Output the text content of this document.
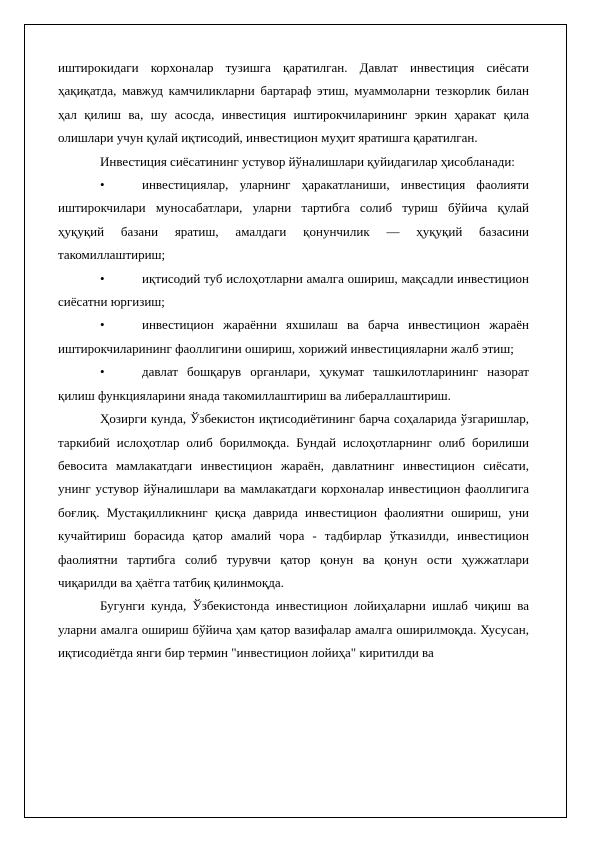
иштирокидаги корхоналар тузишга қаратилган. Давлат инвестиция сиёсати ҳақиқатда, мавжуд камчиликларни бартараф этиш, муаммоларни тезкорлик билан ҳал қилиш ва, шу асосда, инвестиция иштирокчиларининг эркин ҳаракат қила олишлари учун қулай иқтисодий, инвестицион муҳит яратишга қаратилган.

Инвестиция сиёсатининг устувор йўналишлари қуйидагилар ҳисобланади:

•	инвестициялар, уларнинг ҳаракатланиши, инвестиция фаолияти иштирокчилари муносабатлари, уларни тартибга солиб туриш бўйича қулай ҳуқуқий базани яратиш, амалдаги қонунчилик — ҳуқуқий базасини такомиллаштириш;

•	иқтисодий туб ислоҳотларни амалга ошириш, мақсадли инвестицион сиёсатни юргизиш;

•	инвестицион жараённи яхшилаш ва барча инвестицион жараён иштирокчиларининг фаоллигини ошириш, хорижий инвестицияларни жалб этиш;

•	давлат бошқарув органлари, ҳукумат ташкилотларининг назорат қилиш функцияларини янада такомиллаштириш ва либераллаштириш.

Ҳозирги кунда, Ўзбекистон иқтисодиётининг барча соҳаларида ўзгаришлар, таркибий ислоҳотлар олиб борилмоқда. Бундай ислоҳотларнинг олиб борилиши бевосита мамлакатдаги инвестицион жараён, давлатнинг инвестицион сиёсати, унинг устувор йўналишлари ва мамлакатдаги корхоналар инвестицион фаоллигига боғлиқ. Мустақилликнинг қисқа даврида инвестицион фаолиятни ошириш, уни кучайтириш борасида қатор амалий чора - тадбирлар ўтказилди, инвестицион фаолиятни тартибга солиб турувчи қатор қонун ва қонун ости ҳужжатлари чиқарилди ва ҳаётга татбиқ қилинмоқда.

Бугунги кунда, Ўзбекистонда инвестицион лойиҳаларни ишлаб чиқиш ва уларни амалга ошириш бўйича ҳам қатор вазифалар амалга оширилмоқда. Хусусан, иқтисодиётда янги бир термин "инвестицион лойиҳа" киритилди ва
